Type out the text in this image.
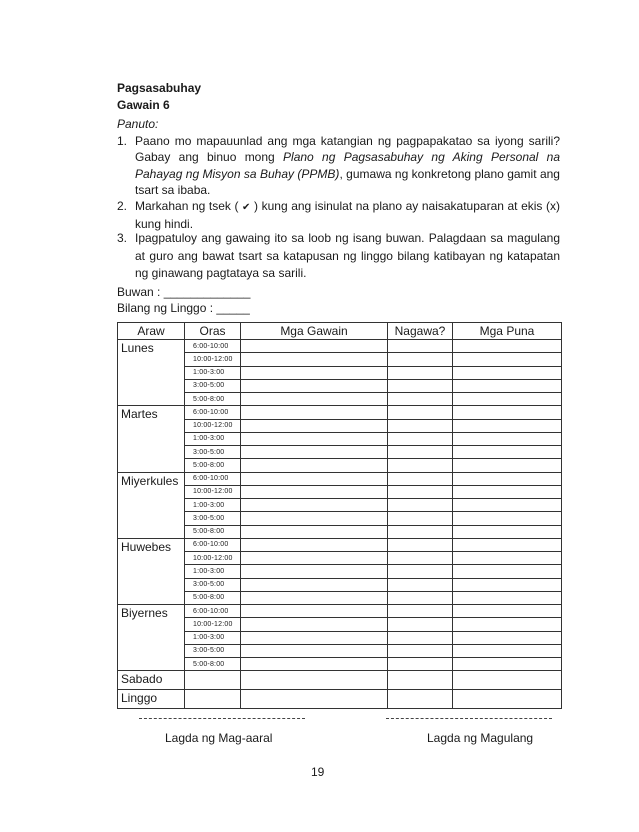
Pagsasabuhay
Gawain 6
Panuto:
1. Paano mo mapauunlad ang mga katangian ng pagpapakatao sa iyong sarili? Gabay ang binuo mong Plano ng Pagsasabuhay ng Aking Personal na Pahayag ng Misyon sa Buhay (PPMB), gumawa ng konkretong plano gamit ang tsart sa ibaba.
2. Markahan ng tsek ( ✔ ) kung ang isinulat na plano ay naisakatuparan at ekis (x) kung hindi.
3. Ipagpatuloy ang gawaing ito sa loob ng isang buwan. Palagdaan sa magulang at guro ang bawat tsart sa katapusan ng linggo bilang katibayan ng katapatan ng ginawang pagtataya sa sarili.
Buwan : _____________
Bilang ng Linggo : _____
Araw	Oras	Mga Gawain	Nagawa?	Mga Puna
Lunes	6:00-10:00			
	10:00-12:00			
	1:00-3:00			
	3:00-5:00			
	5:00-8:00			
Martes	6:00-10:00			
	10:00-12:00			
	1:00-3:00			
	3:00-5:00			
	5:00-8:00			
Miyerkules	6:00-10:00			
	10:00-12:00			
	1:00-3:00			
	3:00-5:00			
	5:00-8:00			
Huwebes	6:00-10:00			
	10:00-12:00			
	1:00-3:00			
	3:00-5:00			
	5:00-8:00			
Biyernes	6:00-10:00			
	10:00-12:00			
	1:00-3:00			
	3:00-5:00			
	5:00-8:00			
Sabado				
Linggo				
Lagda ng Mag-aaral	Lagda ng Magulang
19
